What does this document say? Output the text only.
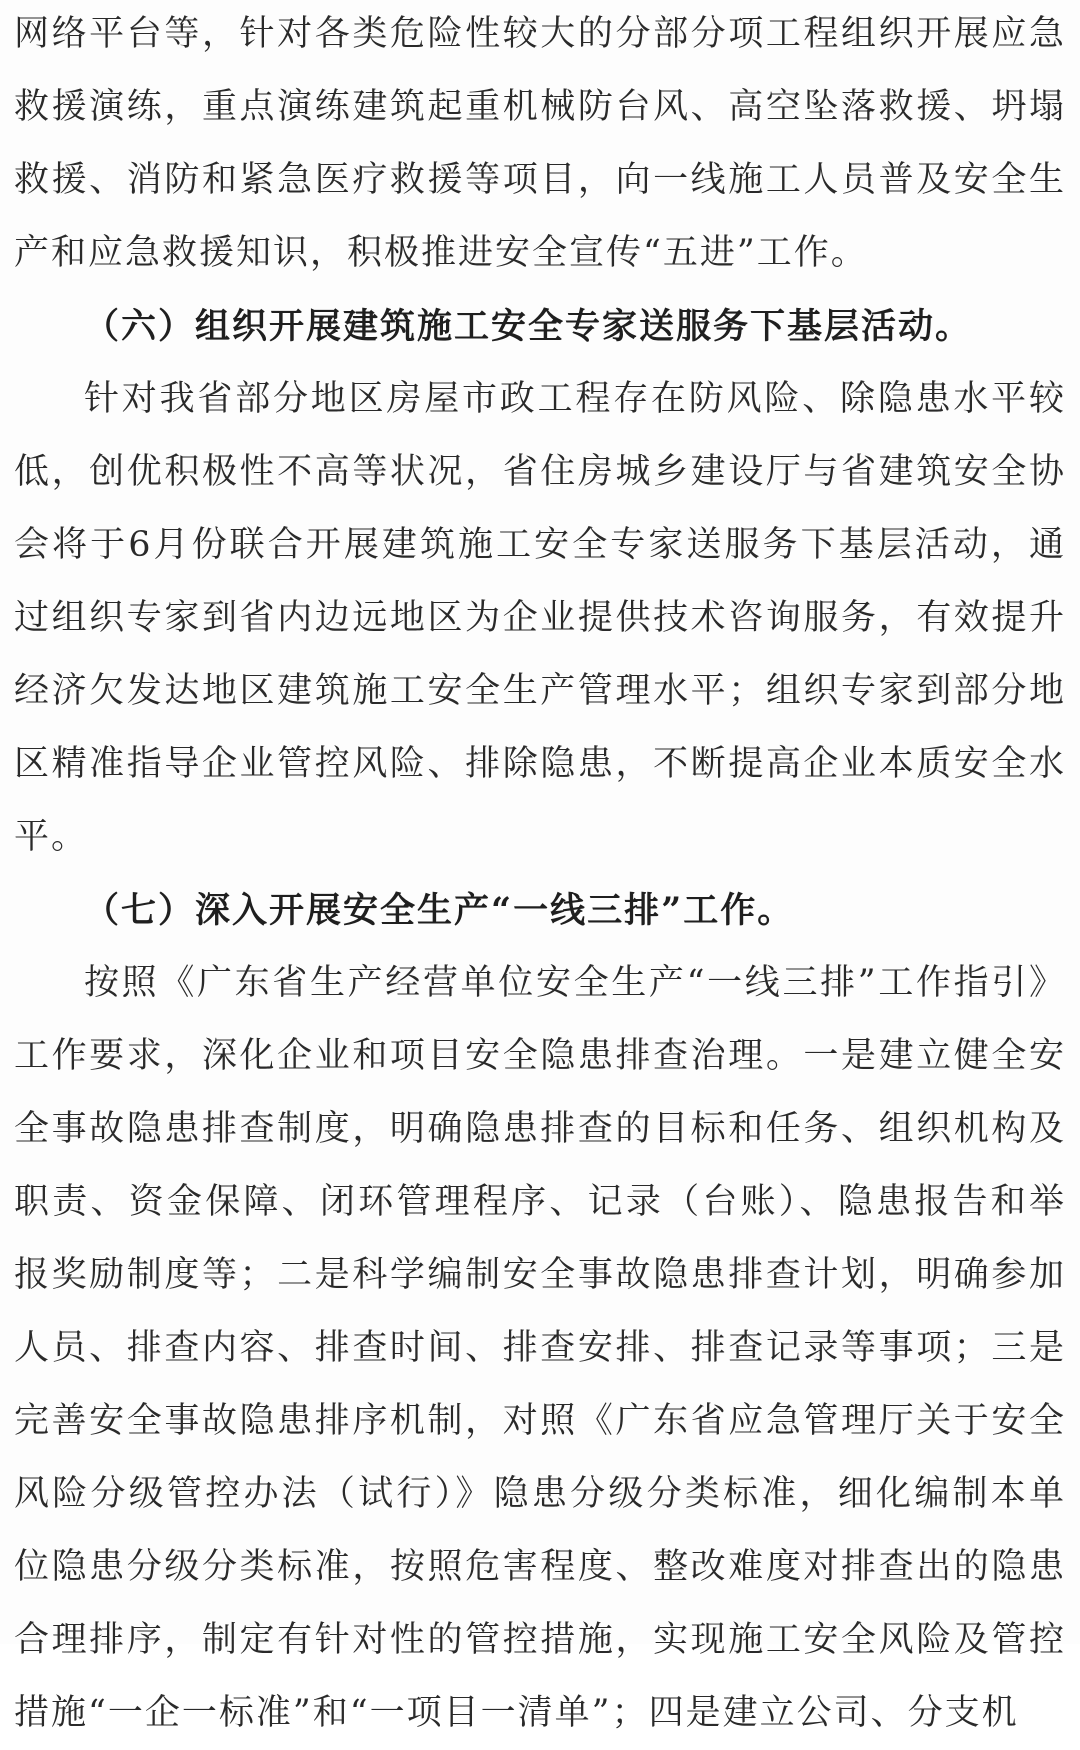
网络平台等，针对各类危险性较大的分部分项工程组织开展应急救援演练，重点演练建筑起重机械防台风、高空坠落救援、坍塌救援、消防和紧急医疗救援等项目，向一线施工人员普及安全生产和应急救援知识，积极推进安全宣传“五进”工作。

（六）组织开展建筑施工安全专家送服务下基层活动。

针对我省部分地区房屋市政工程存在防风险、除隐患水平较低，创优积极性不高等状况，省住房城乡建设厅与省建筑安全协会将于6月份联合开展建筑施工安全专家送服务下基层活动，通过组织专家到省内边远地区为企业提供技术咨询服务，有效提升经济欠发达地区建筑施工安全生产管理水平；组织专家到部分地区精准指导企业管控风险、排除隐患，不断提高企业本质安全水平。

（七）深入开展安全生产“一线三排”工作。

按照《广东省生产经营单位安全生产“一线三排”工作指引》工作要求，深化企业和项目安全隐患排查治理。一是建立健全安全事故隐患排查制度，明确隐患排查的目标和任务、组织机构及职责、资金保障、闭环管理程序、记录（台账）、隐患报告和举报奖励制度等；二是科学编制安全事故隐患排查计划，明确参加人员、排查内容、排查时间、排查安排、排查记录等事项；三是完善安全事故隐患排序机制，对照《广东省应急管理厅关于安全风险分级管控办法（试行）》隐患分级分类标准，细化编制本单位隐患分级分类标准，按照危害程度、整改难度对排查出的隐患合理排序，制定有针对性的管控措施，实现施工安全风险及管控措施“一企一标准”和“一项目一清单”；四是建立公司、分支机
